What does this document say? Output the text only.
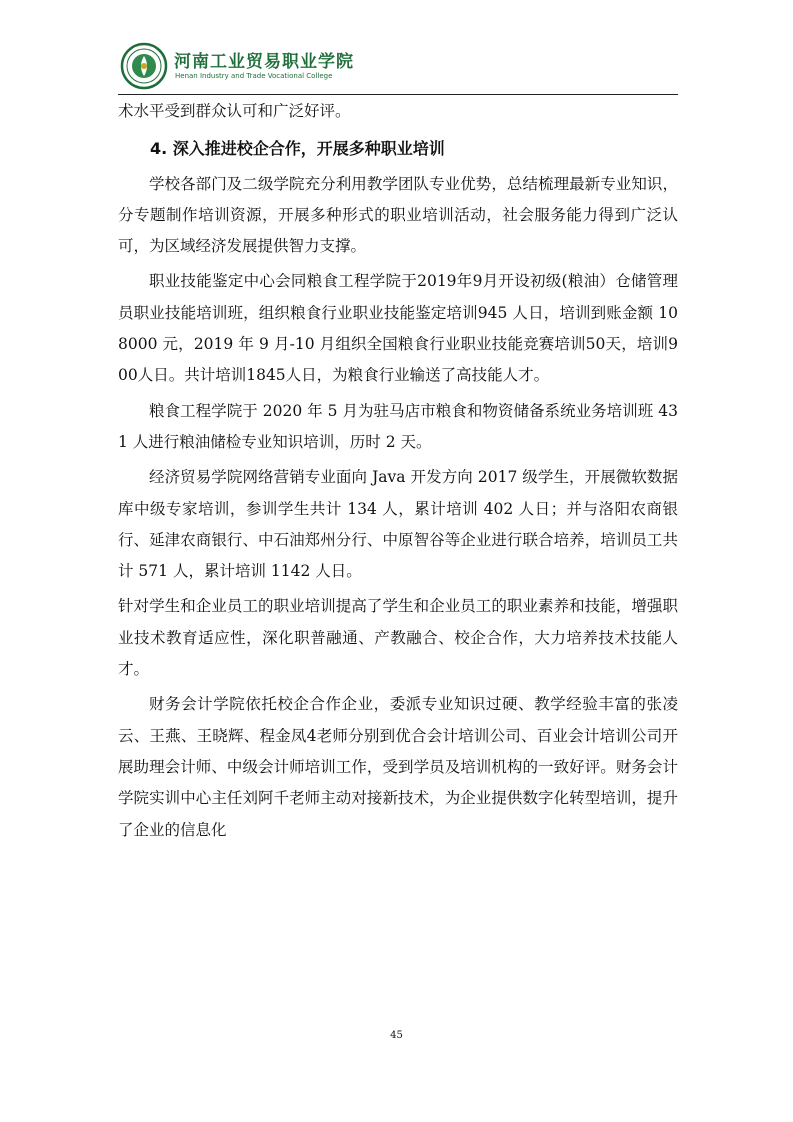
河南工业贸易职业学院
Henan Industry and Trade Vocational College

术水平受到群众认可和广泛好评。

4. 深入推进校企合作，开展多种职业培训

学校各部门及二级学院充分利用教学团队专业优势，总结梳理最新专业知识，分专题制作培训资源，开展多种形式的职业培训活动，社会服务能力得到广泛认可，为区域经济发展提供智力支撑。

职业技能鉴定中心会同粮食工程学院于2019年9月开设初级(粮油）仓储管理员职业技能培训班，组织粮食行业职业技能鉴定培训945 人日，培训到账金额 108000 元，2019 年 9 月-10 月组织全国粮食行业职业技能竞赛培训50天，培训900人日。共计培训1845人日，为粮食行业输送了高技能人才。

粮食工程学院于 2020 年 5 月为驻马店市粮食和物资储备系统业务培训班 431 人进行粮油储检专业知识培训，历时 2 天。

经济贸易学院网络营销专业面向 Java 开发方向 2017 级学生，开展微软数据库中级专家培训，参训学生共计 134 人，累计培训 402 人日；并与洛阳农商银行、延津农商银行、中石油郑州分行、中原智谷等企业进行联合培养，培训员工共计 571 人，累计培训 1142 人日。

针对学生和企业员工的职业培训提高了学生和企业员工的职业素养和技能，增强职业技术教育适应性，深化职普融通、产教融合、校企合作，大力培养技术技能人才。

财务会计学院依托校企合作企业，委派专业知识过硬、教学经验丰富的张凌云、王燕、王晓辉、程金凤4老师分别到优合会计培训公司、百业会计培训公司开展助理会计师、中级会计师培训工作，受到学员及培训机构的一致好评。财务会计学院实训中心主任刘阿千老师主动对接新技术，为企业提供数字化转型培训，提升了企业的信息化

45
